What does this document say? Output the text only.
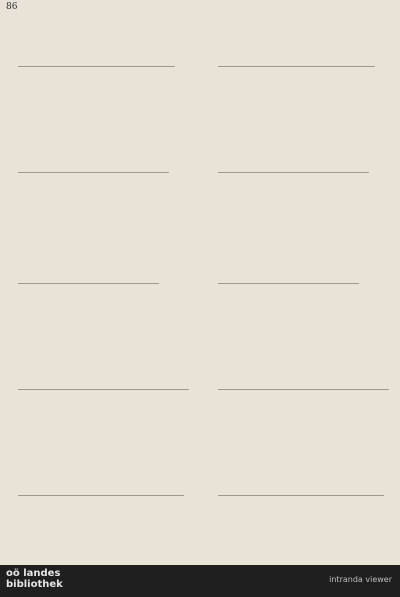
86
oö landes
bibliothek	intranda viewer
